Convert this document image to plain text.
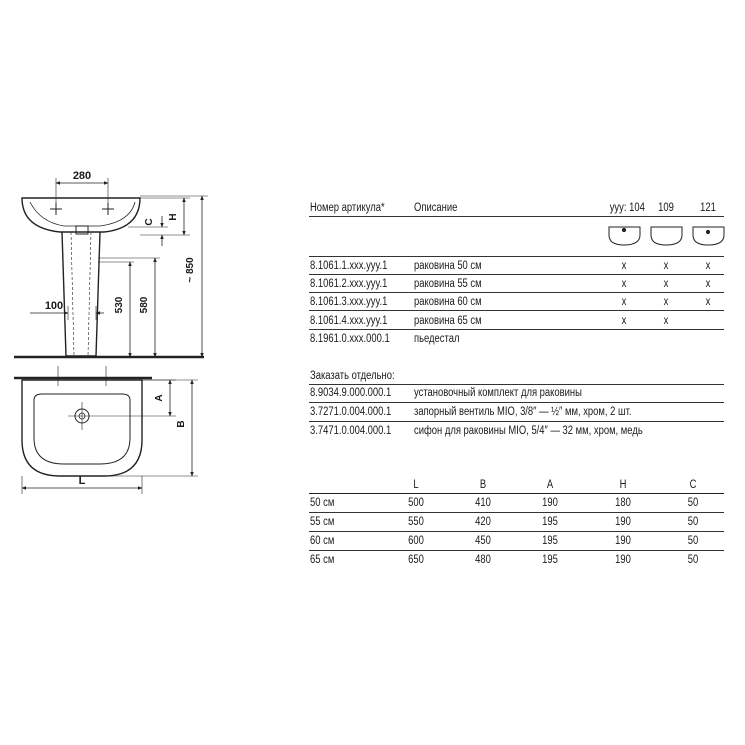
280
C
H
~ 850
100	530 580
A
B
L
Номер артикула*	Описание	yyy: 104	109	121
8.1061.1.xxx.yyy.1 раковина 50 см	x	x	x
8.1061.2.xxx.yyy.1 раковина 55 см	x	x	x
8.1061.3.xxx.yyy.1 раковина 60 см	x	x	x
8.1061.4.xxx.yyy.1 раковина 65 см	x	x
8.1961.0.xxx.000.1 пьедестал
Заказать отдельно:
8.9034.9.000.000.1 установочный комплект для раковины
3.7271.0.004.000.1 запорный вентиль MIO, 3/8″ — ½″ мм, хром, 2 шт.
3.7471.0.004.000.1 сифон для раковины MIO, 5/4″ — 32 мм, хром, медь
L	B	A	H	C
50 см	500	410	190	180	50
55 см	550	420	195	190	50
60 см	600	450	195	190	50
65 см	650	480	195	190	50
